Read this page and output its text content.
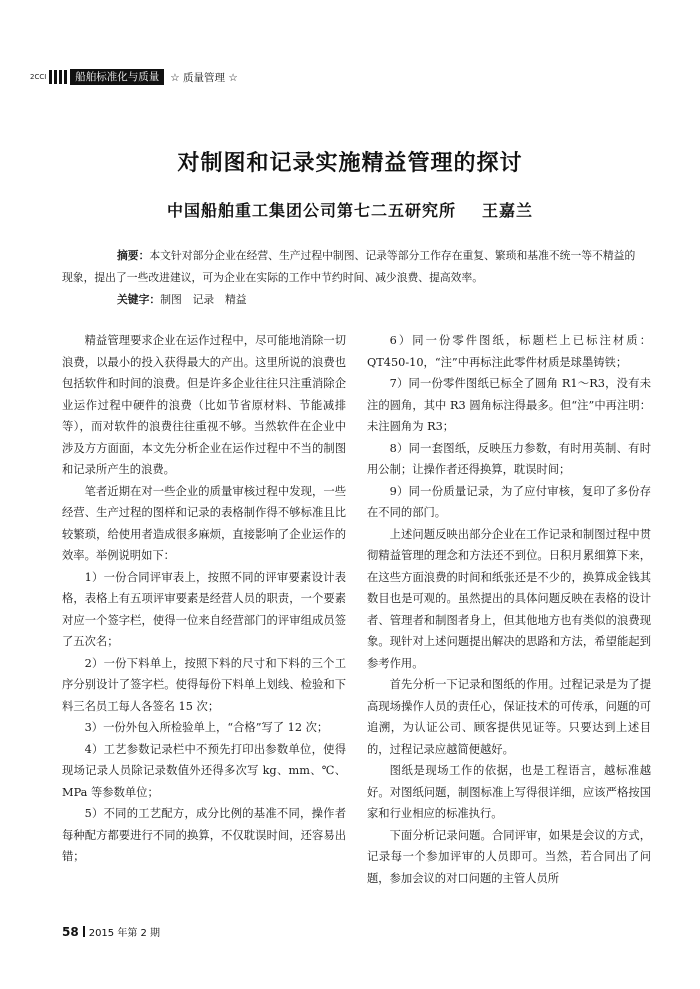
2CCI	船舶标准化与质量	☆ 质量管理 ☆
对制图和记录实施精益管理的探讨
中国船舶重工集团公司第七二五研究所 王嘉兰

摘要：本文针对部分企业在经营、生产过程中制图、记录等部分工作存在重复、繁琐和基准不统一等不精益的现象，提出了一些改进建议，可为企业在实际的工作中节约时间、减少浪费、提高效率。

关键字：制图　记录　精益

精益管理要求企业在运作过程中，尽可能地消除一切浪费，以最小的投入获得最大的产出。这里所说的浪费也包括软件和时间的浪费。但是许多企业往往只注重消除企业运作过程中硬件的浪费（比如节省原材料、节能减排等），而对软件的浪费往往重视不够。当然软件在企业中涉及方方面面，本文先分析企业在运作过程中不当的制图和记录所产生的浪费。

笔者近期在对一些企业的质量审核过程中发现，一些经营、生产过程的图样和记录的表格制作得不够标准且比较繁琐，给使用者造成很多麻烦，直接影响了企业运作的效率。举例说明如下：

1）一份合同评审表上，按照不同的评审要素设计表格，表格上有五项评审要素是经营人员的职责，一个要素对应一个签字栏，使得一位来自经营部门的评审组成员签了五次名；

2）一份下料单上，按照下料的尺寸和下料的三个工序分别设计了签字栏。使得每份下料单上划线、检验和下料三名员工每人各签名 15 次；

3）一份外包入所检验单上，“合格”写了 12 次；

4）工艺参数记录栏中不预先打印出参数单位，使得现场记录人员除记录数值外还得多次写 kg、mm、℃、MPa 等参数单位；

5）不同的工艺配方，成分比例的基准不同，操作者每种配方都要进行不同的换算，不仅耽误时间，还容易出错；

6）同一份零件图纸，标题栏上已标注材质：QT450-10，“注”中再标注此零件材质是球墨铸铁；

7）同一份零件图纸已标全了圆角 R1～R3，没有未注的圆角，其中 R3 圆角标注得最多。但“注”中再注明：未注圆角为 R3；

8）同一套图纸，反映压力参数，有时用英制、有时用公制；让操作者还得换算，耽误时间；

9）同一份质量记录，为了应付审核，复印了多份存在不同的部门。

上述问题反映出部分企业在工作记录和制图过程中贯彻精益管理的理念和方法还不到位。日积月累细算下来，在这些方面浪费的时间和纸张还是不少的，换算成金钱其数目也是可观的。虽然提出的具体问题反映在表格的设计者、管理者和制图者身上，但其他地方也有类似的浪费现象。现针对上述问题提出解决的思路和方法，希望能起到参考作用。

首先分析一下记录和图纸的作用。过程记录是为了提高现场操作人员的责任心，保证技术的可传承，问题的可追溯，为认证公司、顾客提供见证等。只要达到上述目的，过程记录应越简便越好。

图纸是现场工作的依据，也是工程语言，越标准越好。对图纸问题，制图标准上写得很详细，应该严格按国家和行业相应的标准执行。

下面分析记录问题。合同评审，如果是会议的方式，记录每一个参加评审的人员即可。当然，若合同出了问题，参加会议的对口问题的主管人员所

58 2015 年第 2 期
